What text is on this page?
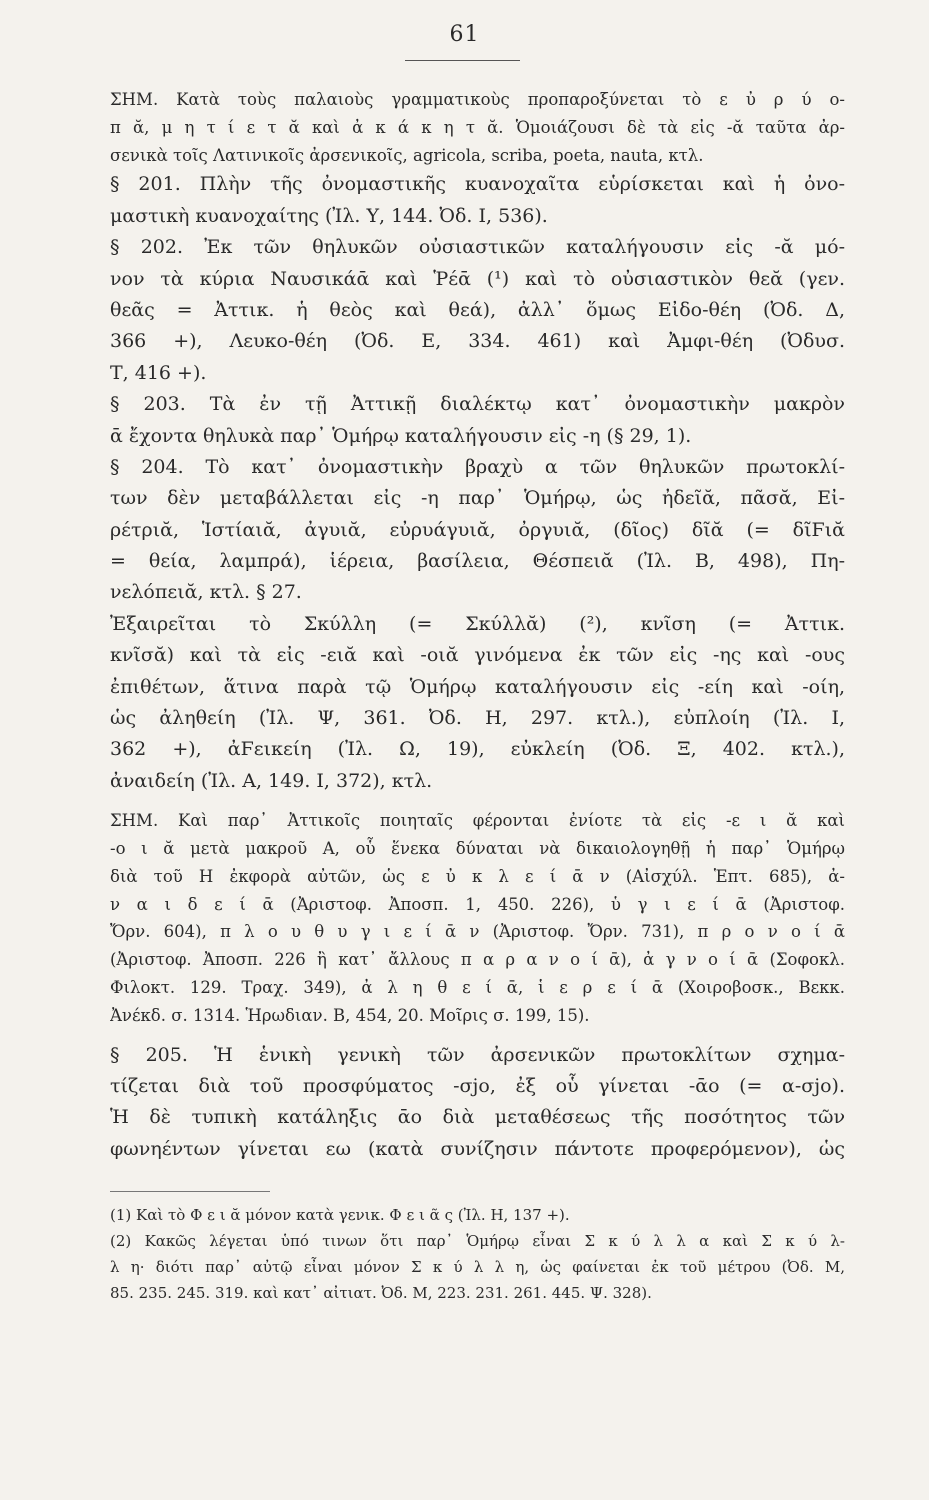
61
ΣΗΜ. Κατὰ τοὺς παλαιοὺς γραμματικοὺς προπαροξύνεται τὸ ε ὐ ρ ύ ο-
π ᾰ, μ η τ ί ε τ ᾰ καὶ ἀ κ ά κ η τ ᾰ. Ὁμοιάζουσι δὲ τὰ εἰς -ᾰ ταῦτα ἀρ-
σενικὰ τοῖς Λατινικοῖς ἀρσενικοῖς, agricola, scriba, poeta, nauta, κτλ.
§ 201. Πλὴν τῆς ὀνομαστικῆς κυανοχαῖτα εὑρίσκεται καὶ ἡ ὀνο-
μαστικὴ κυανοχαίτης (Ἰλ. Υ, 144. Ὀδ. Ι, 536).
§ 202. Ἐκ τῶν θηλυκῶν οὐσιαστικῶν καταλήγουσιν εἰς -ᾰ μό-
νον τὰ κύρια Ναυσικάᾱ καὶ Ῥέᾱ (¹) καὶ τὸ οὐσιαστικὸν θεᾰ (γεν.
θεᾶς = Ἀττικ. ἡ θεὸς καὶ θεά), ἀλλ᾿ ὅμως Εἰδο-θέη (Ὀδ. Δ,
366 +), Λευκο-θέη (Ὀδ. Ε, 334. 461) καὶ Ἀμφι-θέη (Ὀδυσ.
Τ, 416 +).
§ 203. Τὰ ἐν τῇ Ἀττικῇ διαλέκτῳ κατ᾿ ὀνομαστικὴν μακρὸν
ᾱ ἔχοντα θηλυκὰ παρ᾿ Ὁμήρῳ καταλήγουσιν εἰς -η (§ 29, 1).
§ 204. Τὸ κατ᾿ ὀνομαστικὴν βραχὺ α τῶν θηλυκῶν πρωτοκλί-
των δὲν μεταβάλλεται εἰς -η παρ᾿ Ὁμήρῳ, ὡς ἠδεῖᾰ, πᾶσᾰ, Εἰ-
ρέτριᾰ, Ἱστίαιᾰ, ἀγυιᾰ, εὐρυάγυιᾰ, ὀργυιᾰ, (δῖος) δῖᾰ (= δῖϜιᾰ
= θεία, λαμπρά), ἱέρεια, βασίλεια, Θέσπειᾰ (Ἰλ. Β, 498), Πη-
νελόπειᾰ, κτλ. § 27.
Ἐξαιρεῖται τὸ Σκύλλη (= Σκύλλᾰ) (²), κνῖση (= Ἀττικ.
κνῖσᾰ) καὶ τὰ εἰς -ειᾰ καὶ -οιᾰ γινόμενα ἐκ τῶν εἰς -ης καὶ -ους
ἐπιθέτων, ἅτινα παρὰ τῷ Ὁμήρῳ καταλήγουσιν εἰς -είη καὶ -οίη,
ὡς ἀληθείη (Ἰλ. Ψ, 361. Ὀδ. Η, 297. κτλ.), εὐπλοίη (Ἰλ. Ι,
362 +), ἀϜεικείη (Ἰλ. Ω, 19), εὐκλείη (Ὀδ. Ξ, 402. κτλ.),
ἀναιδείη (Ἰλ. Α, 149. Ι, 372), κτλ.
ΣΗΜ. Καὶ παρ᾿ Ἀττικοῖς ποιηταῖς φέρονται ἐνίοτε τὰ εἰς -ε ι ᾰ καὶ
-ο ι ᾰ μετὰ μακροῦ Α, οὗ ἕνεκα δύναται νὰ δικαιολογηθῇ ἡ παρ᾿ Ὁμήρῳ
διὰ τοῦ Η ἐκφορὰ αὐτῶν, ὡς ε ὐ κ λ ε ί ᾱ ν (Αἰσχύλ. Ἑπτ. 685), ἀ-
ν α ι δ ε ί ᾱ (Ἀριστοφ. Ἀποσπ. 1, 450. 226), ὑ γ ι ε ί ᾱ (Ἀριστοφ.
Ὄρν. 604), π λ ο υ θ υ γ ι ε ί ᾱ ν (Ἀριστοφ. Ὄρν. 731), π ρ ο ν ο ί ᾱ
(Ἀριστοφ. Ἀποσπ. 226 ἢ κατ᾿ ἄλλους π α ρ α ν ο ί ᾱ), ἀ γ ν ο ί ᾱ (Σοφοκλ.
Φιλοκτ. 129. Τραχ. 349), ἀ λ η θ ε ί ᾱ, ἱ ε ρ ε ί ᾱ (Χοιροβοσκ., Βεκκ.
Ἀνέκδ. σ. 1314. Ἡρωδιαν. Β, 454, 20. Μοῖρις σ. 199, 15).
§ 205. Ἡ ἑνικὴ γενικὴ τῶν ἀρσενικῶν πρωτοκλίτων σχημα-
τίζεται διὰ τοῦ προσφύματος -σjο, ἐξ οὗ γίνεται -ᾱο (= α-σjο).
Ἡ δὲ τυπικὴ κατάληξις ᾱο διὰ μεταθέσεως τῆς ποσότητος τῶν
φωνηέντων γίνεται εω (κατὰ συνίζησιν πάντοτε προφερόμενον), ὡς
(1) Καὶ τὸ Φ ε ι ᾰ μόνον κατὰ γενικ. Φ ε ι ᾶ ς (Ἰλ. Η, 137 +).
(2) Κακῶς λέγεται ὑπό τινων ὅτι παρ᾿ Ὁμήρῳ εἶναι Σ κ ύ λ λ α καὶ Σ κ ύ λ-
λ η· διότι παρ᾿ αὐτῷ εἶναι μόνον Σ κ ύ λ λ η, ὡς φαίνεται ἐκ τοῦ μέτρου (Ὀδ. Μ,
85. 235. 245. 319. καὶ κατ᾿ αἰτιατ. Ὀδ. Μ, 223. 231. 261. 445. Ψ. 328).
